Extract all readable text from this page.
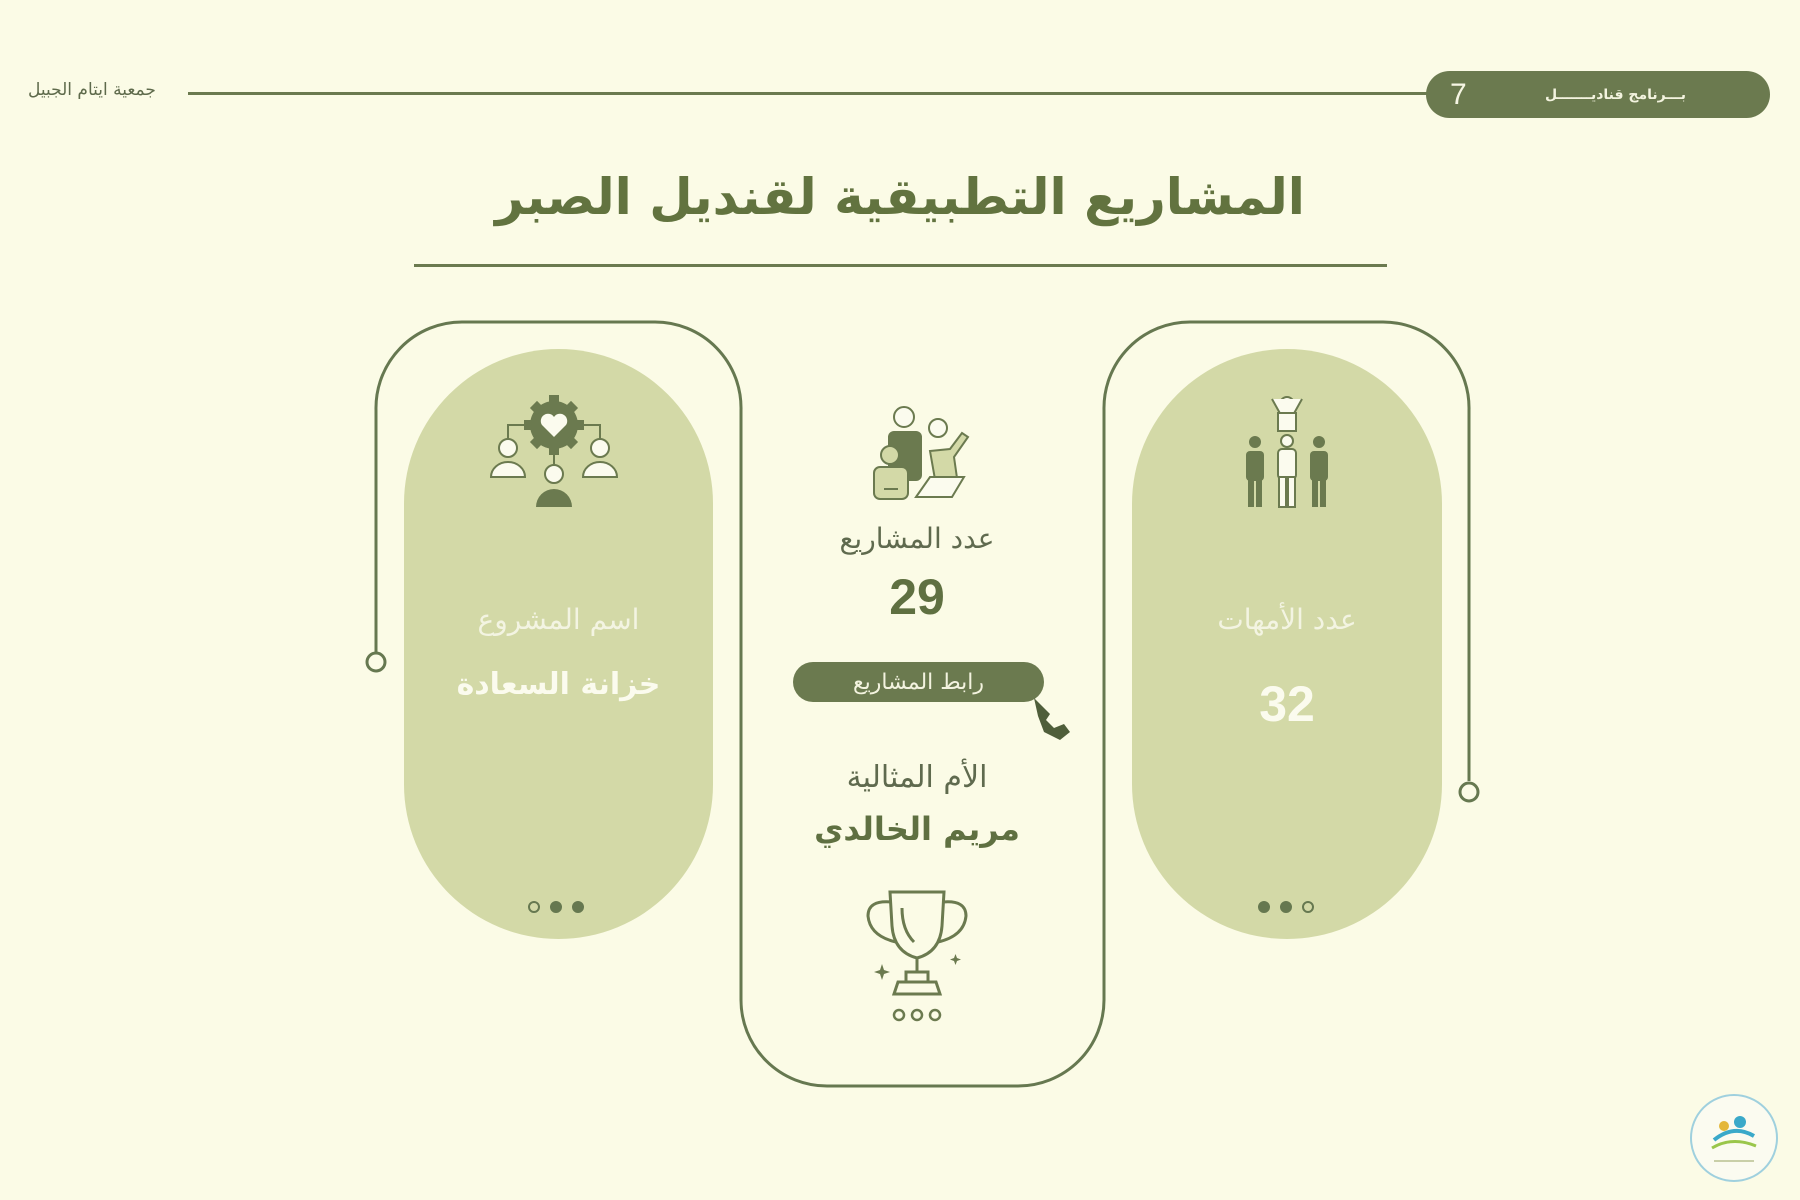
جمعية ايتام الجبيل	7	بـــرنامج قناديـــــــل
المشاريع التطبيقية لقنديل الصبر
اسم المشروع
خزانة السعادة
عدد الأمهات
32
عدد المشاريع
29
رابط المشاريع
الأم المثالية
مريم الخالدي
